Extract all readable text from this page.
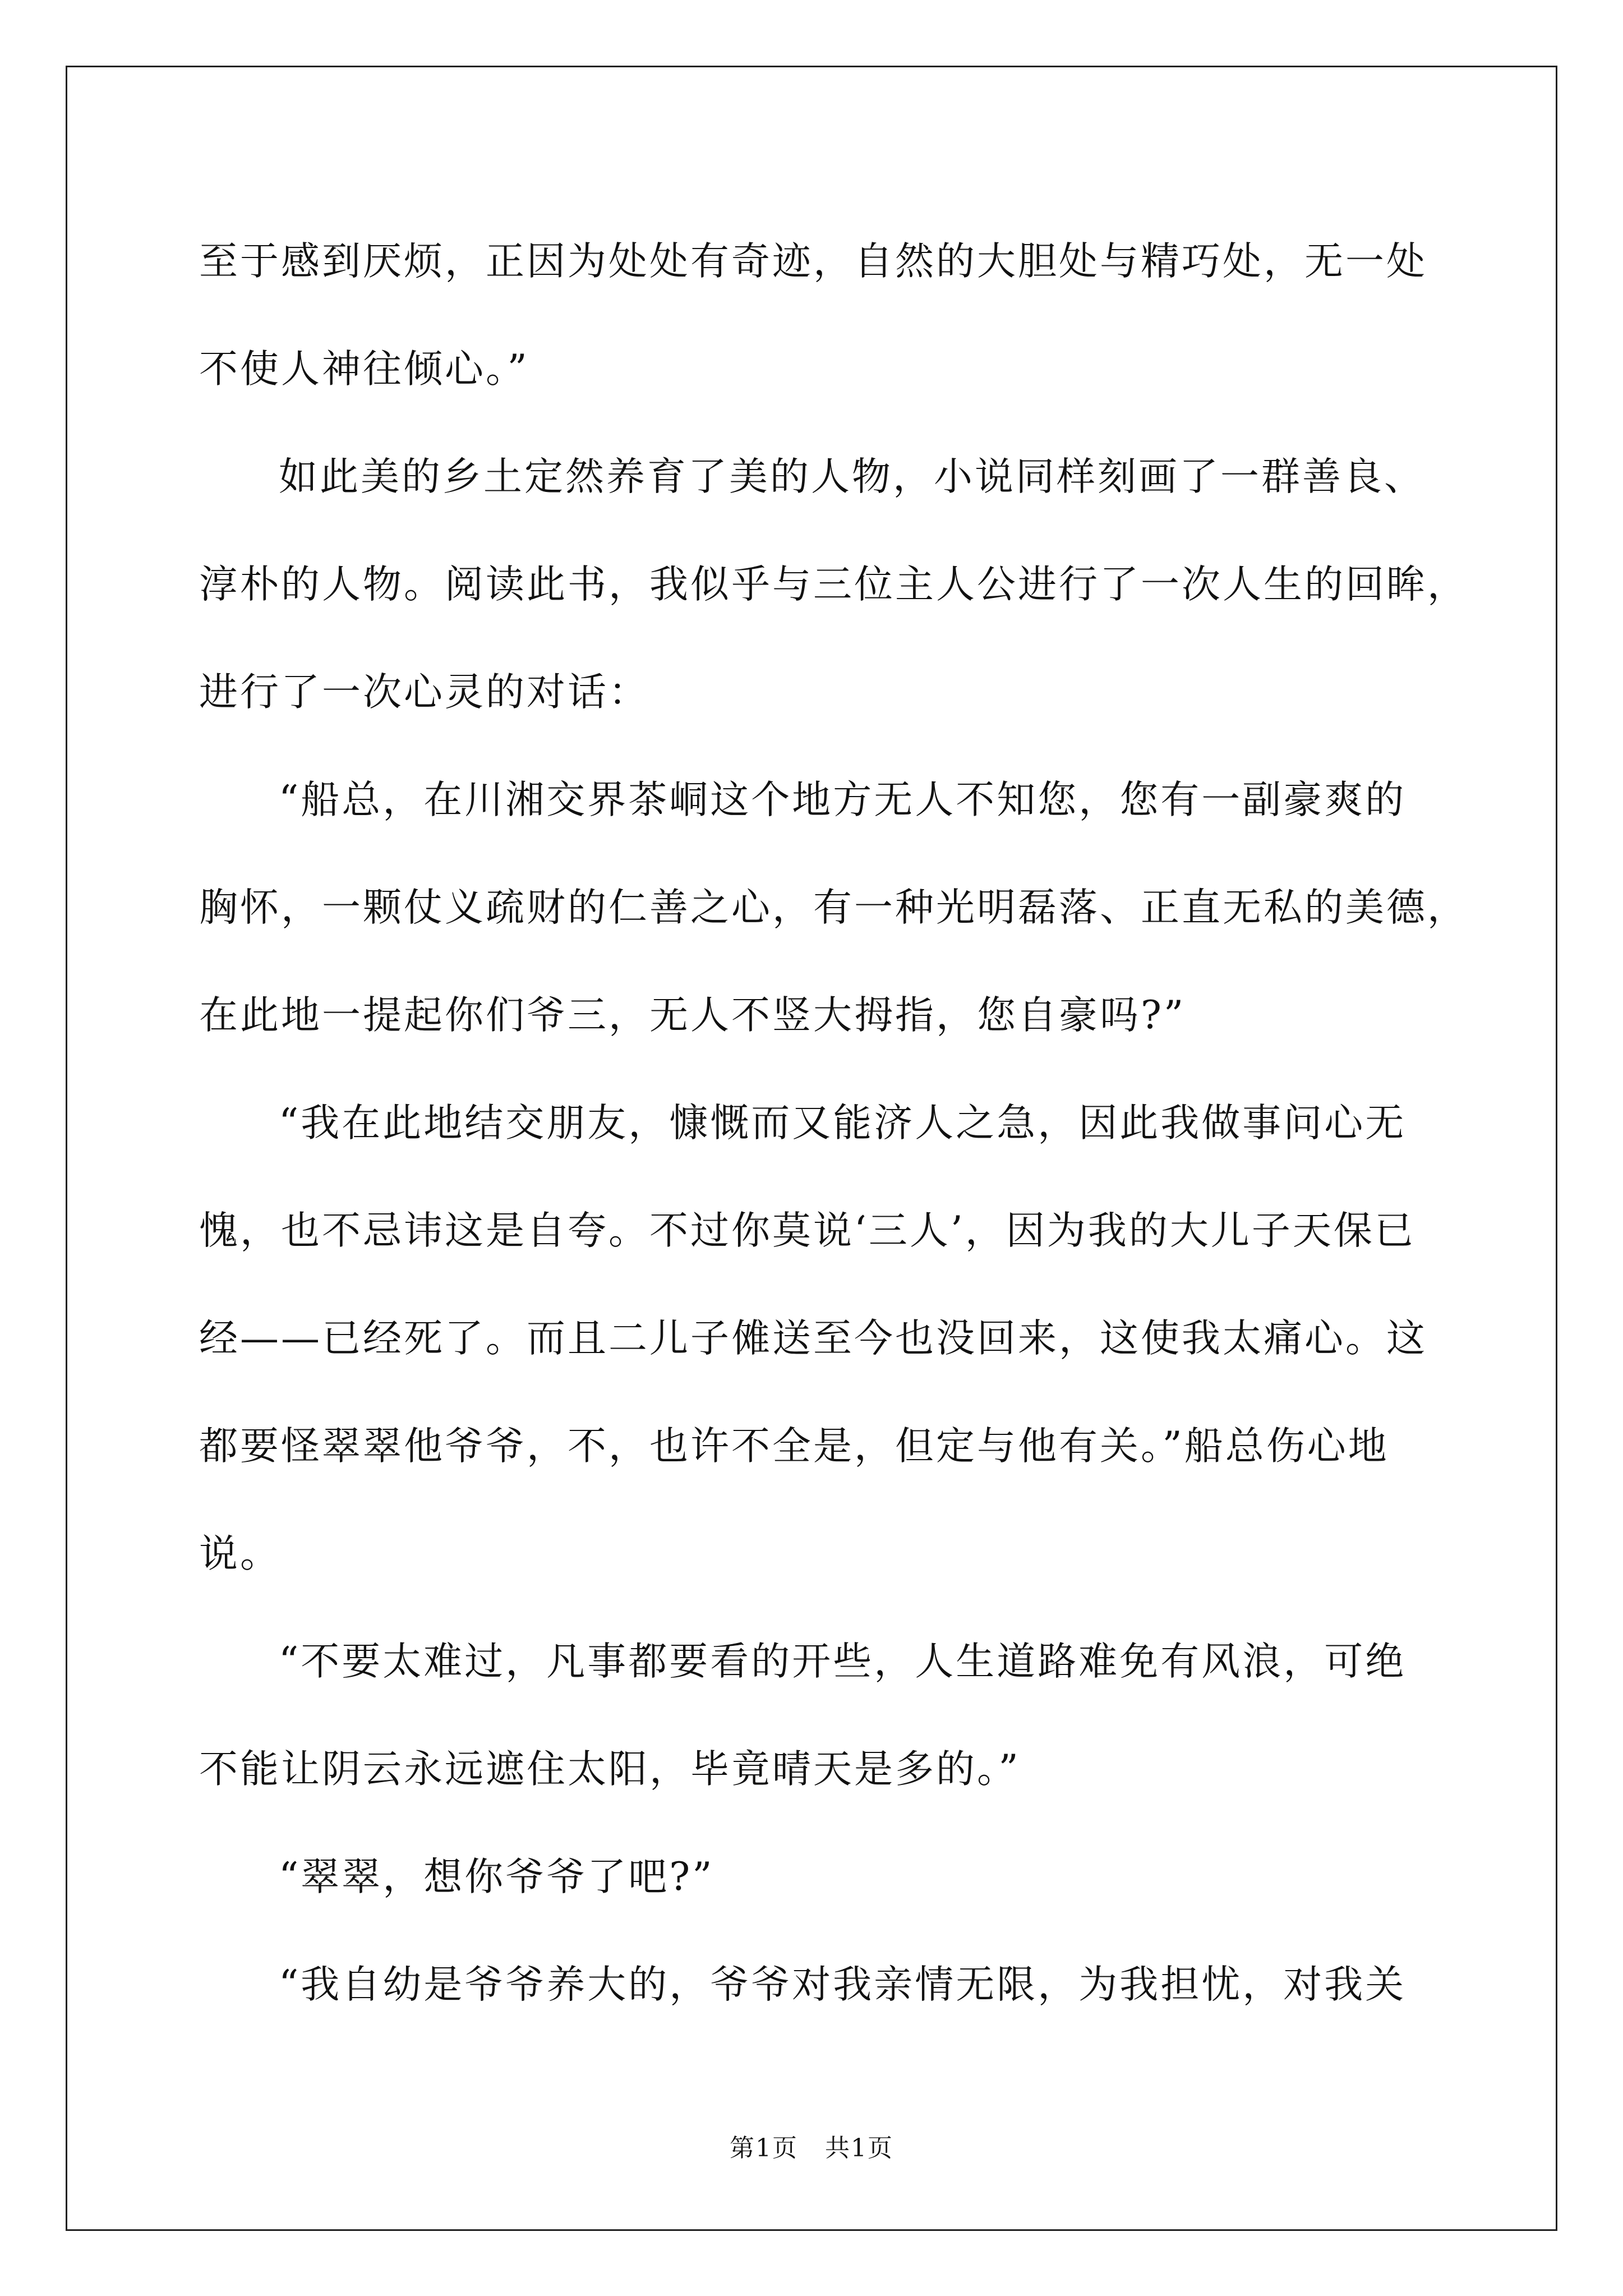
至于感到厌烦，正因为处处有奇迹，自然的大胆处与精巧处，无一处
不使人神往倾心。”
如此美的乡土定然养育了美的人物，小说同样刻画了一群善良、
淳朴的人物。阅读此书，我似乎与三位主人公进行了一次人生的回眸，
进行了一次心灵的对话：
“船总，在川湘交界茶峒这个地方无人不知您，您有一副豪爽的
胸怀，一颗仗义疏财的仁善之心，有一种光明磊落、正直无私的美德，
在此地一提起你们爷三，无人不竖大拇指，您自豪吗?”
“我在此地结交朋友，慷慨而又能济人之急，因此我做事问心无
愧，也不忌讳这是自夸。不过你莫说‘三人’，因为我的大儿子天保已
经——已经死了。而且二儿子傩送至今也没回来，这使我太痛心。这
都要怪翠翠他爷爷，不，也许不全是，但定与他有关。”船总伤心地
说。
“不要太难过，凡事都要看的开些，人生道路难免有风浪，可绝
不能让阴云永远遮住太阳，毕竟晴天是多的。”
“翠翠，想你爷爷了吧?”
“我自幼是爷爷养大的，爷爷对我亲情无限，为我担忧，对我关
第1页 共1页
